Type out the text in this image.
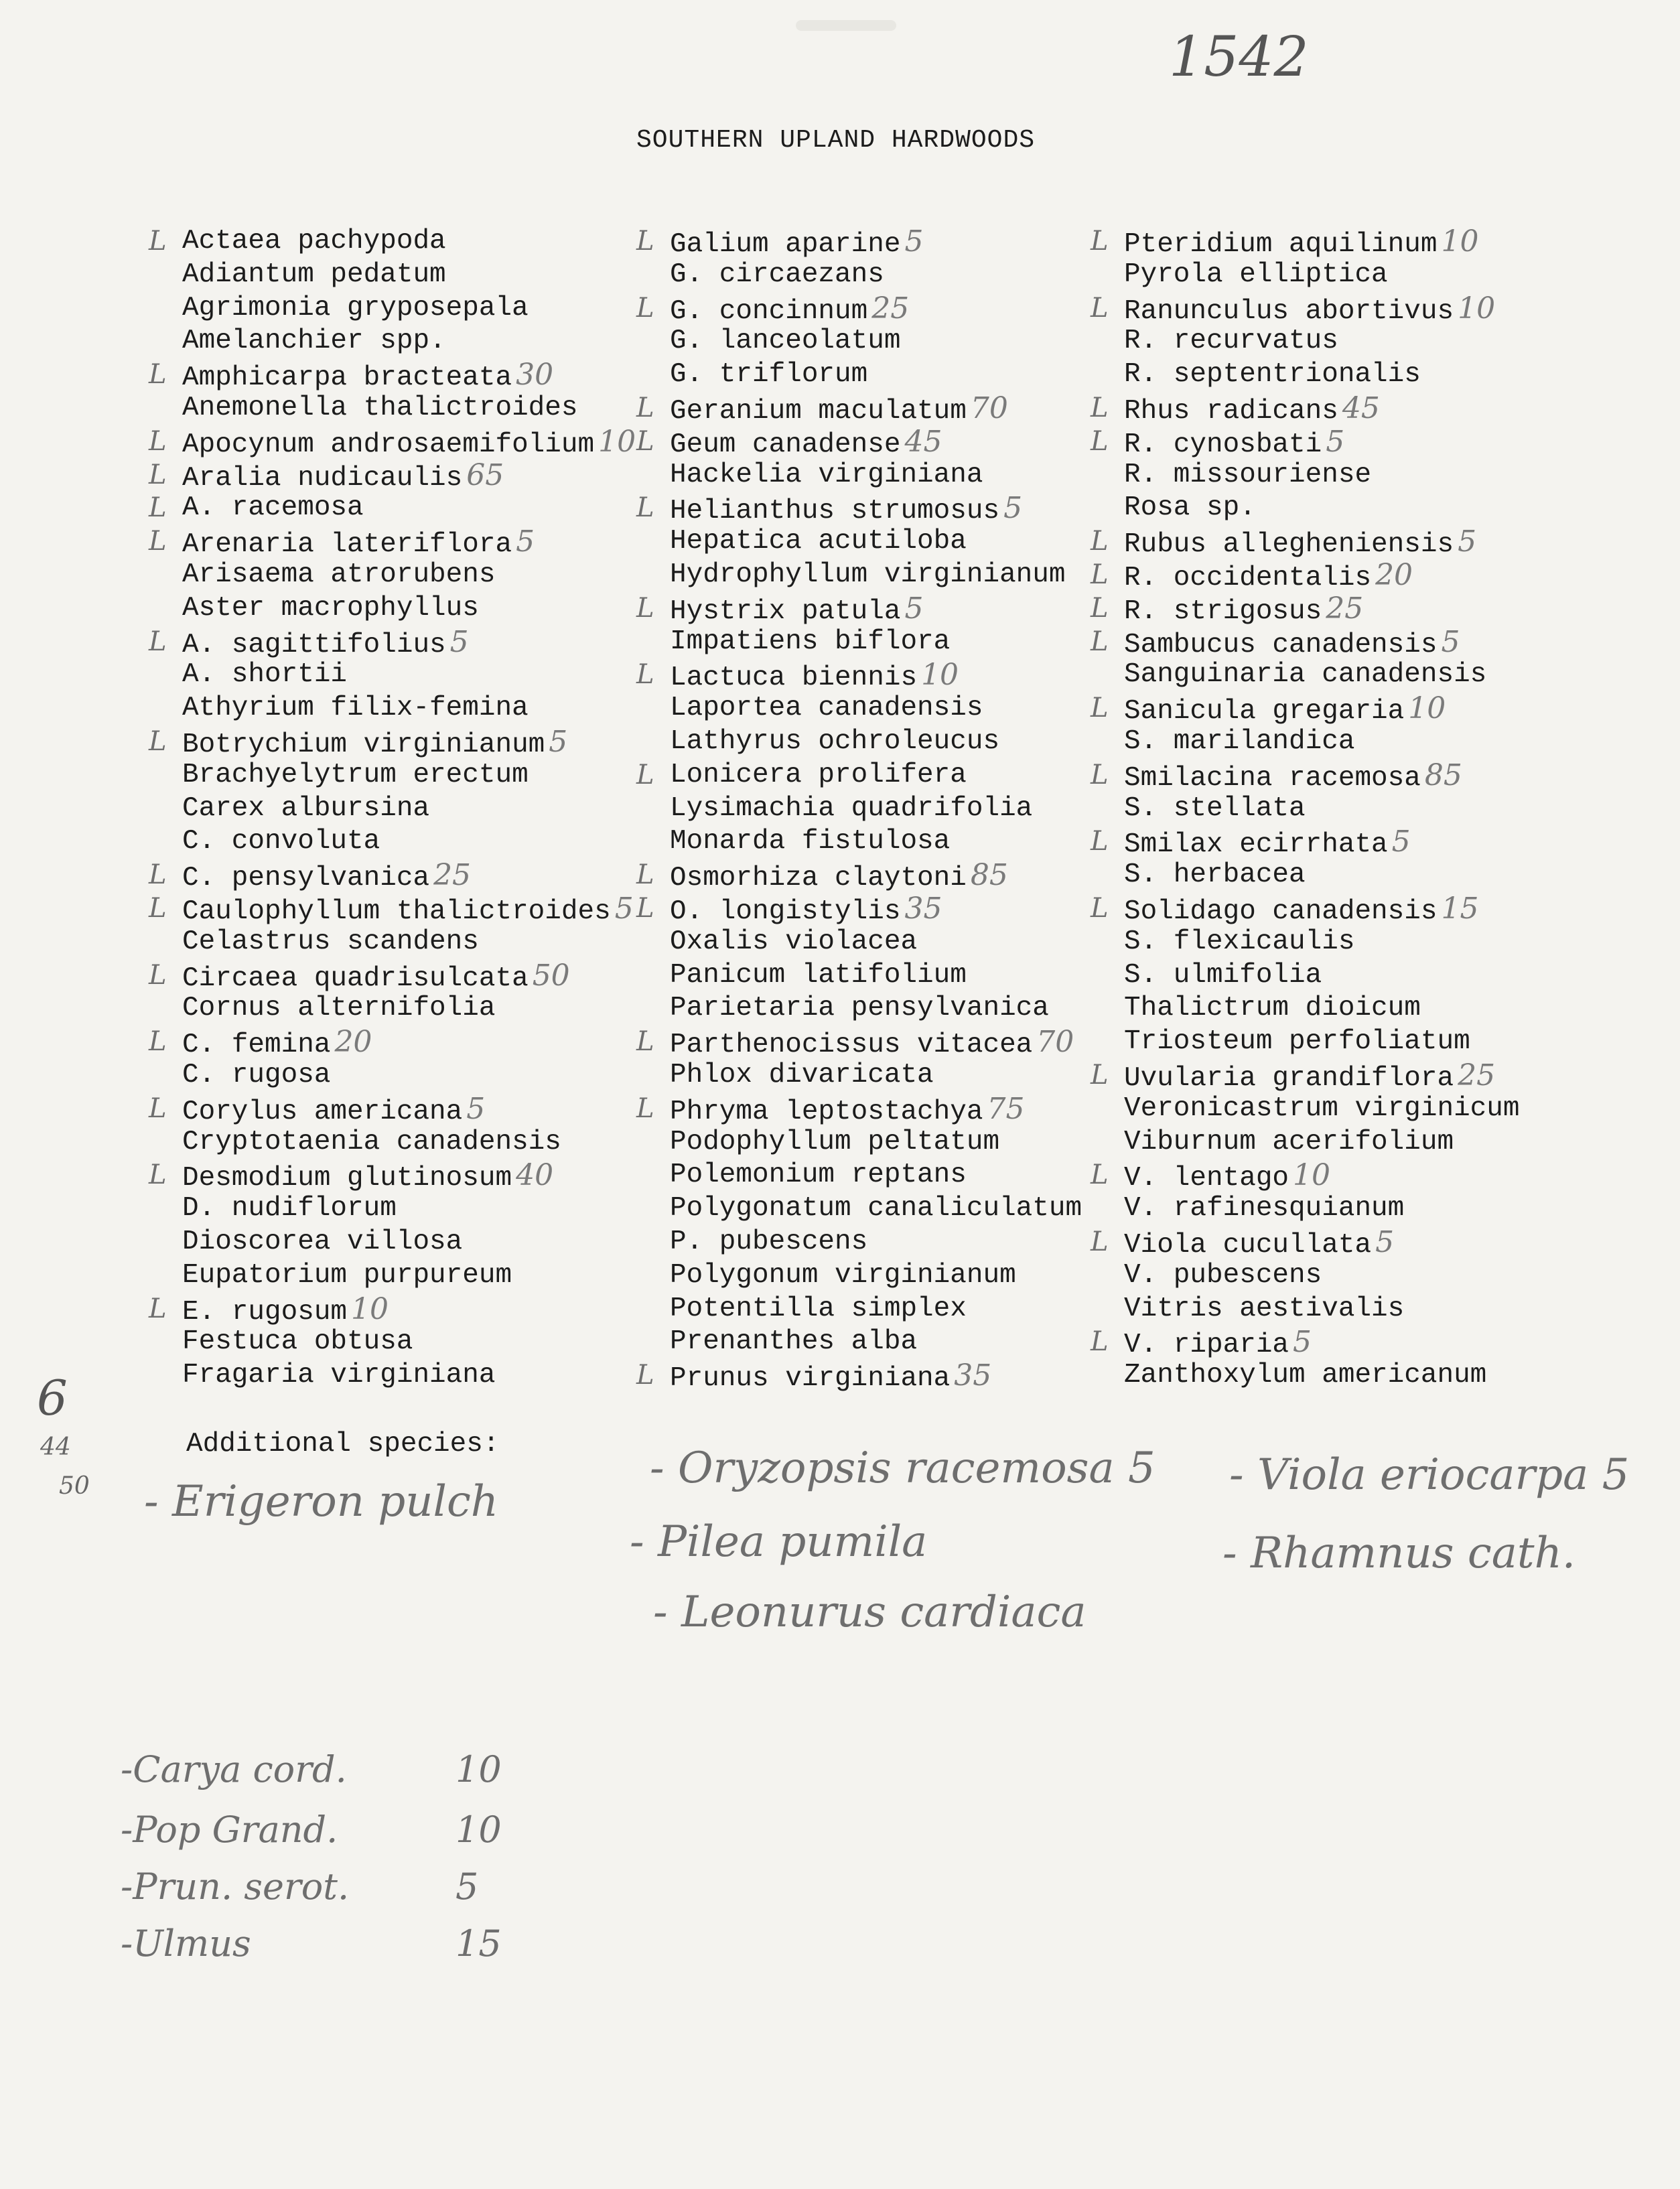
1542
SOUTHERN UPLAND HARDWOODS
L Actaea pachypoda
Adiantum pedatum
Agrimonia gryposepala
Amelanchier spp.
L Amphicarpa bracteata 30
Anemonella thalictroides
L Apocynum androsaemifolium 10
L Aralia nudicaulis 65
L A. racemosa
L Arenaria lateriflora 5
Arisaema atrorubens
Aster macrophyllus
L A. sagittifolius 5
A. shortii
Athyrium filix-femina
L Botrychium virginianum 5
Brachyelytrum erectum
Carex albursina
C. convoluta
L C. pensylvanica 25
L Caulophyllum thalictroides 5
Celastrus scandens
L Circaea quadrisulcata 50
Cornus alternifolia
L C. femina 20
C. rugosa
L Corylus americana 5
Cryptotaenia canadensis
L Desmodium glutinosum 40
D. nudiflorum
Dioscorea villosa
Eupatorium purpureum
L E. rugosum 10
Festuca obtusa
Fragaria virginiana
L Galium aparine 5
G. circaezans
L G. concinnum 25
G. lanceolatum
G. triflorum
L Geranium maculatum 70
L Geum canadense 45
Hackelia virginiana
L Helianthus strumosus 5
Hepatica acutiloba
Hydrophyllum virginianum
L Hystrix patula 5
Impatiens biflora
L Lactuca biennis 10
Laportea canadensis
Lathyrus ochroleucus
L Lonicera prolifera
Lysimachia quadrifolia
Monarda fistulosa
L Osmorhiza claytoni 85
L O. longistylis 35
Oxalis violacea
Panicum latifolium
Parietaria pensylvanica
L Parthenocissus vitacea 70
Phlox divaricata
L Phryma leptostachya 75
Podophyllum peltatum
Polemonium reptans
Polygonatum canaliculatum
P. pubescens
Polygonum virginianum
Potentilla simplex
Prenanthes alba
L Prunus virginiana 35
L Pteridium aquilinum 10
Pyrola elliptica
L Ranunculus abortivus 10
R. recurvatus
R. septentrionalis
L Rhus radicans 45
L R. cynosbati 5
R. missouriense
Rosa sp.
L Rubus allegheniensis 5
L R. occidentalis 20
L R. strigosus 25
L Sambucus canadensis 5
Sanguinaria canadensis
L Sanicula gregaria 10
S. marilandica
L Smilacina racemosa 85
S. stellata
L Smilax ecirrhata 5
S. herbacea
L Solidago canadensis 15
S. flexicaulis
S. ulmifolia
Thalictrum dioicum
Triosteum perfoliatum
L Uvularia grandiflora 25
Veronicastrum virginicum
Viburnum acerifolium
L V. lentago 10
V. rafinesquianum
L Viola cucullata 5
V. pubescens
Vitris aestivalis
L V. riparia 5
Zanthoxylum americanum
Additional species:
6
44
50 - Erigeron pulch
- Oryzopsis racemosa 5
- Pilea pumila
- Leonurus cardiaca
- Viola eriocarpa 5
- Rhamnus cath.
-Carya cord.	10
-Pop Grand.	10
-Prun. serot.	5
-Ulmus	15
